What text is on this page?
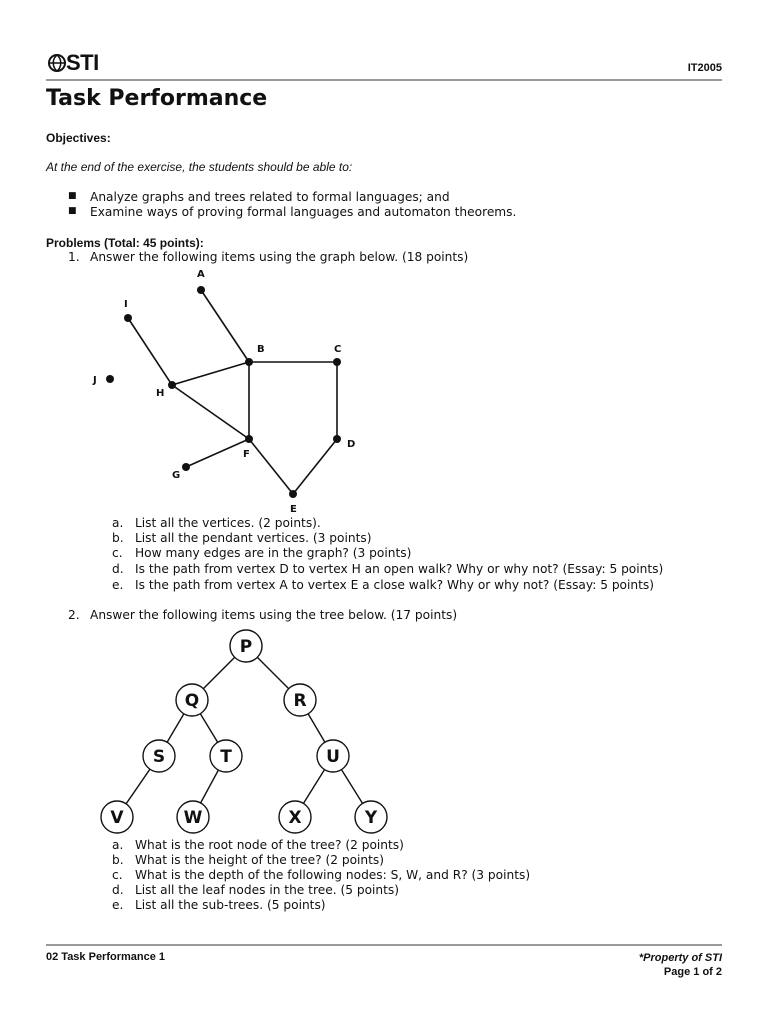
STI	IT2005
Task Performance
Objectives:
At the end of the exercise, the students should be able to:
■ Analyze graphs and trees related to formal languages; and
■ Examine ways of proving formal languages and automaton theorems.
Problems (Total: 45 points):
1. Answer the following items using the graph below. (18 points)
A
B	C
D
E
F
G
H
I
J
a. List all the vertices. (2 points).
b. List all the pendant vertices. (3 points)
c. How many edges are in the graph? (3 points)
d. Is the path from vertex D to vertex H an open walk? Why or why not? (Essay: 5 points)
e. Is the path from vertex A to vertex E a close walk? Why or why not? (Essay: 5 points)
2. Answer the following items using the tree below. (17 points)
P
Q	R
S	T	U
V	W	X	Y
a. What is the root node of the tree? (2 points)
b. What is the height of the tree? (2 points)
c. What is the depth of the following nodes: S, W, and R? (3 points)
d. List all the leaf nodes in the tree. (5 points)
e. List all the sub-trees. (5 points)
02 Task Performance 1	*Property of STI
Page 1 of 2
